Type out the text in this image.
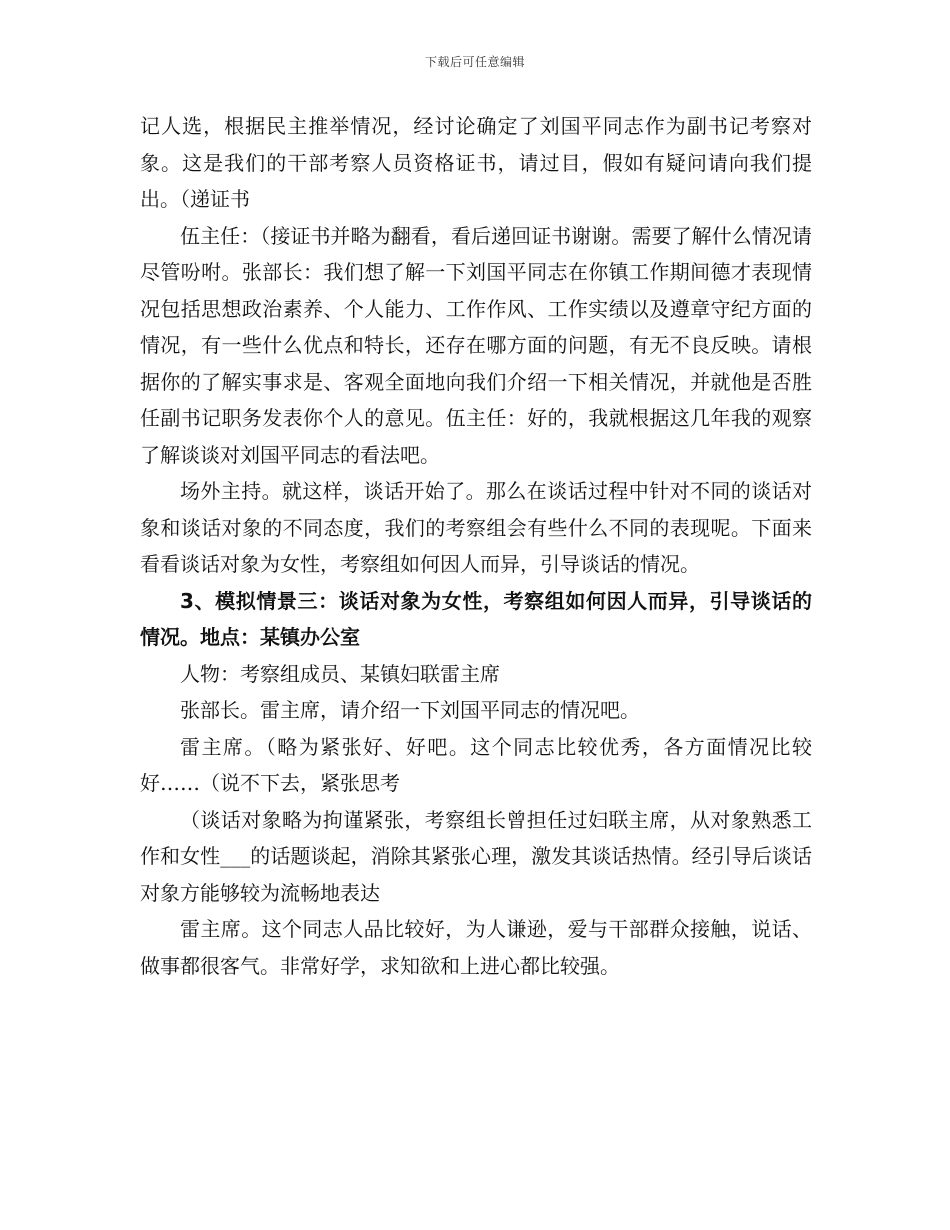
下载后可任意编辑

记人选，根据民主推举情况，经讨论确定了刘国平同志作为副书记考察对象。这是我们的干部考察人员资格证书，请过目，假如有疑问请向我们提出。（递证书

伍主任：（接证书并略为翻看，看后递回证书谢谢。需要了解什么情况请尽管吩咐。张部长：我们想了解一下刘国平同志在你镇工作期间德才表现情况包括思想政治素养、个人能力、工作作风、工作实绩以及遵章守纪方面的情况，有一些什么优点和特长，还存在哪方面的问题，有无不良反映。请根据你的了解实事求是、客观全面地向我们介绍一下相关情况，并就他是否胜任副书记职务发表你个人的意见。伍主任：好的，我就根据这几年我的观察了解谈谈对刘国平同志的看法吧。

场外主持。就这样，谈话开始了。那么在谈话过程中针对不同的谈话对象和谈话对象的不同态度，我们的考察组会有些什么不同的表现呢。下面来看看谈话对象为女性，考察组如何因人而异，引导谈话的情况。

3、模拟情景三：谈话对象为女性，考察组如何因人而异，引导谈话的情况。地点：某镇办公室

人物：考察组成员、某镇妇联雷主席

张部长。雷主席，请介绍一下刘国平同志的情况吧。

雷主席。（略为紧张好、好吧。这个同志比较优秀，各方面情况比较好……（说不下去，紧张思考

（谈话对象略为拘谨紧张，考察组长曾担任过妇联主席，从对象熟悉工作和女性___的话题谈起，消除其紧张心理，激发其谈话热情。经引导后谈话对象方能够较为流畅地表达

雷主席。这个同志人品比较好，为人谦逊，爱与干部群众接触，说话、做事都很客气。非常好学，求知欲和上进心都比较强。
